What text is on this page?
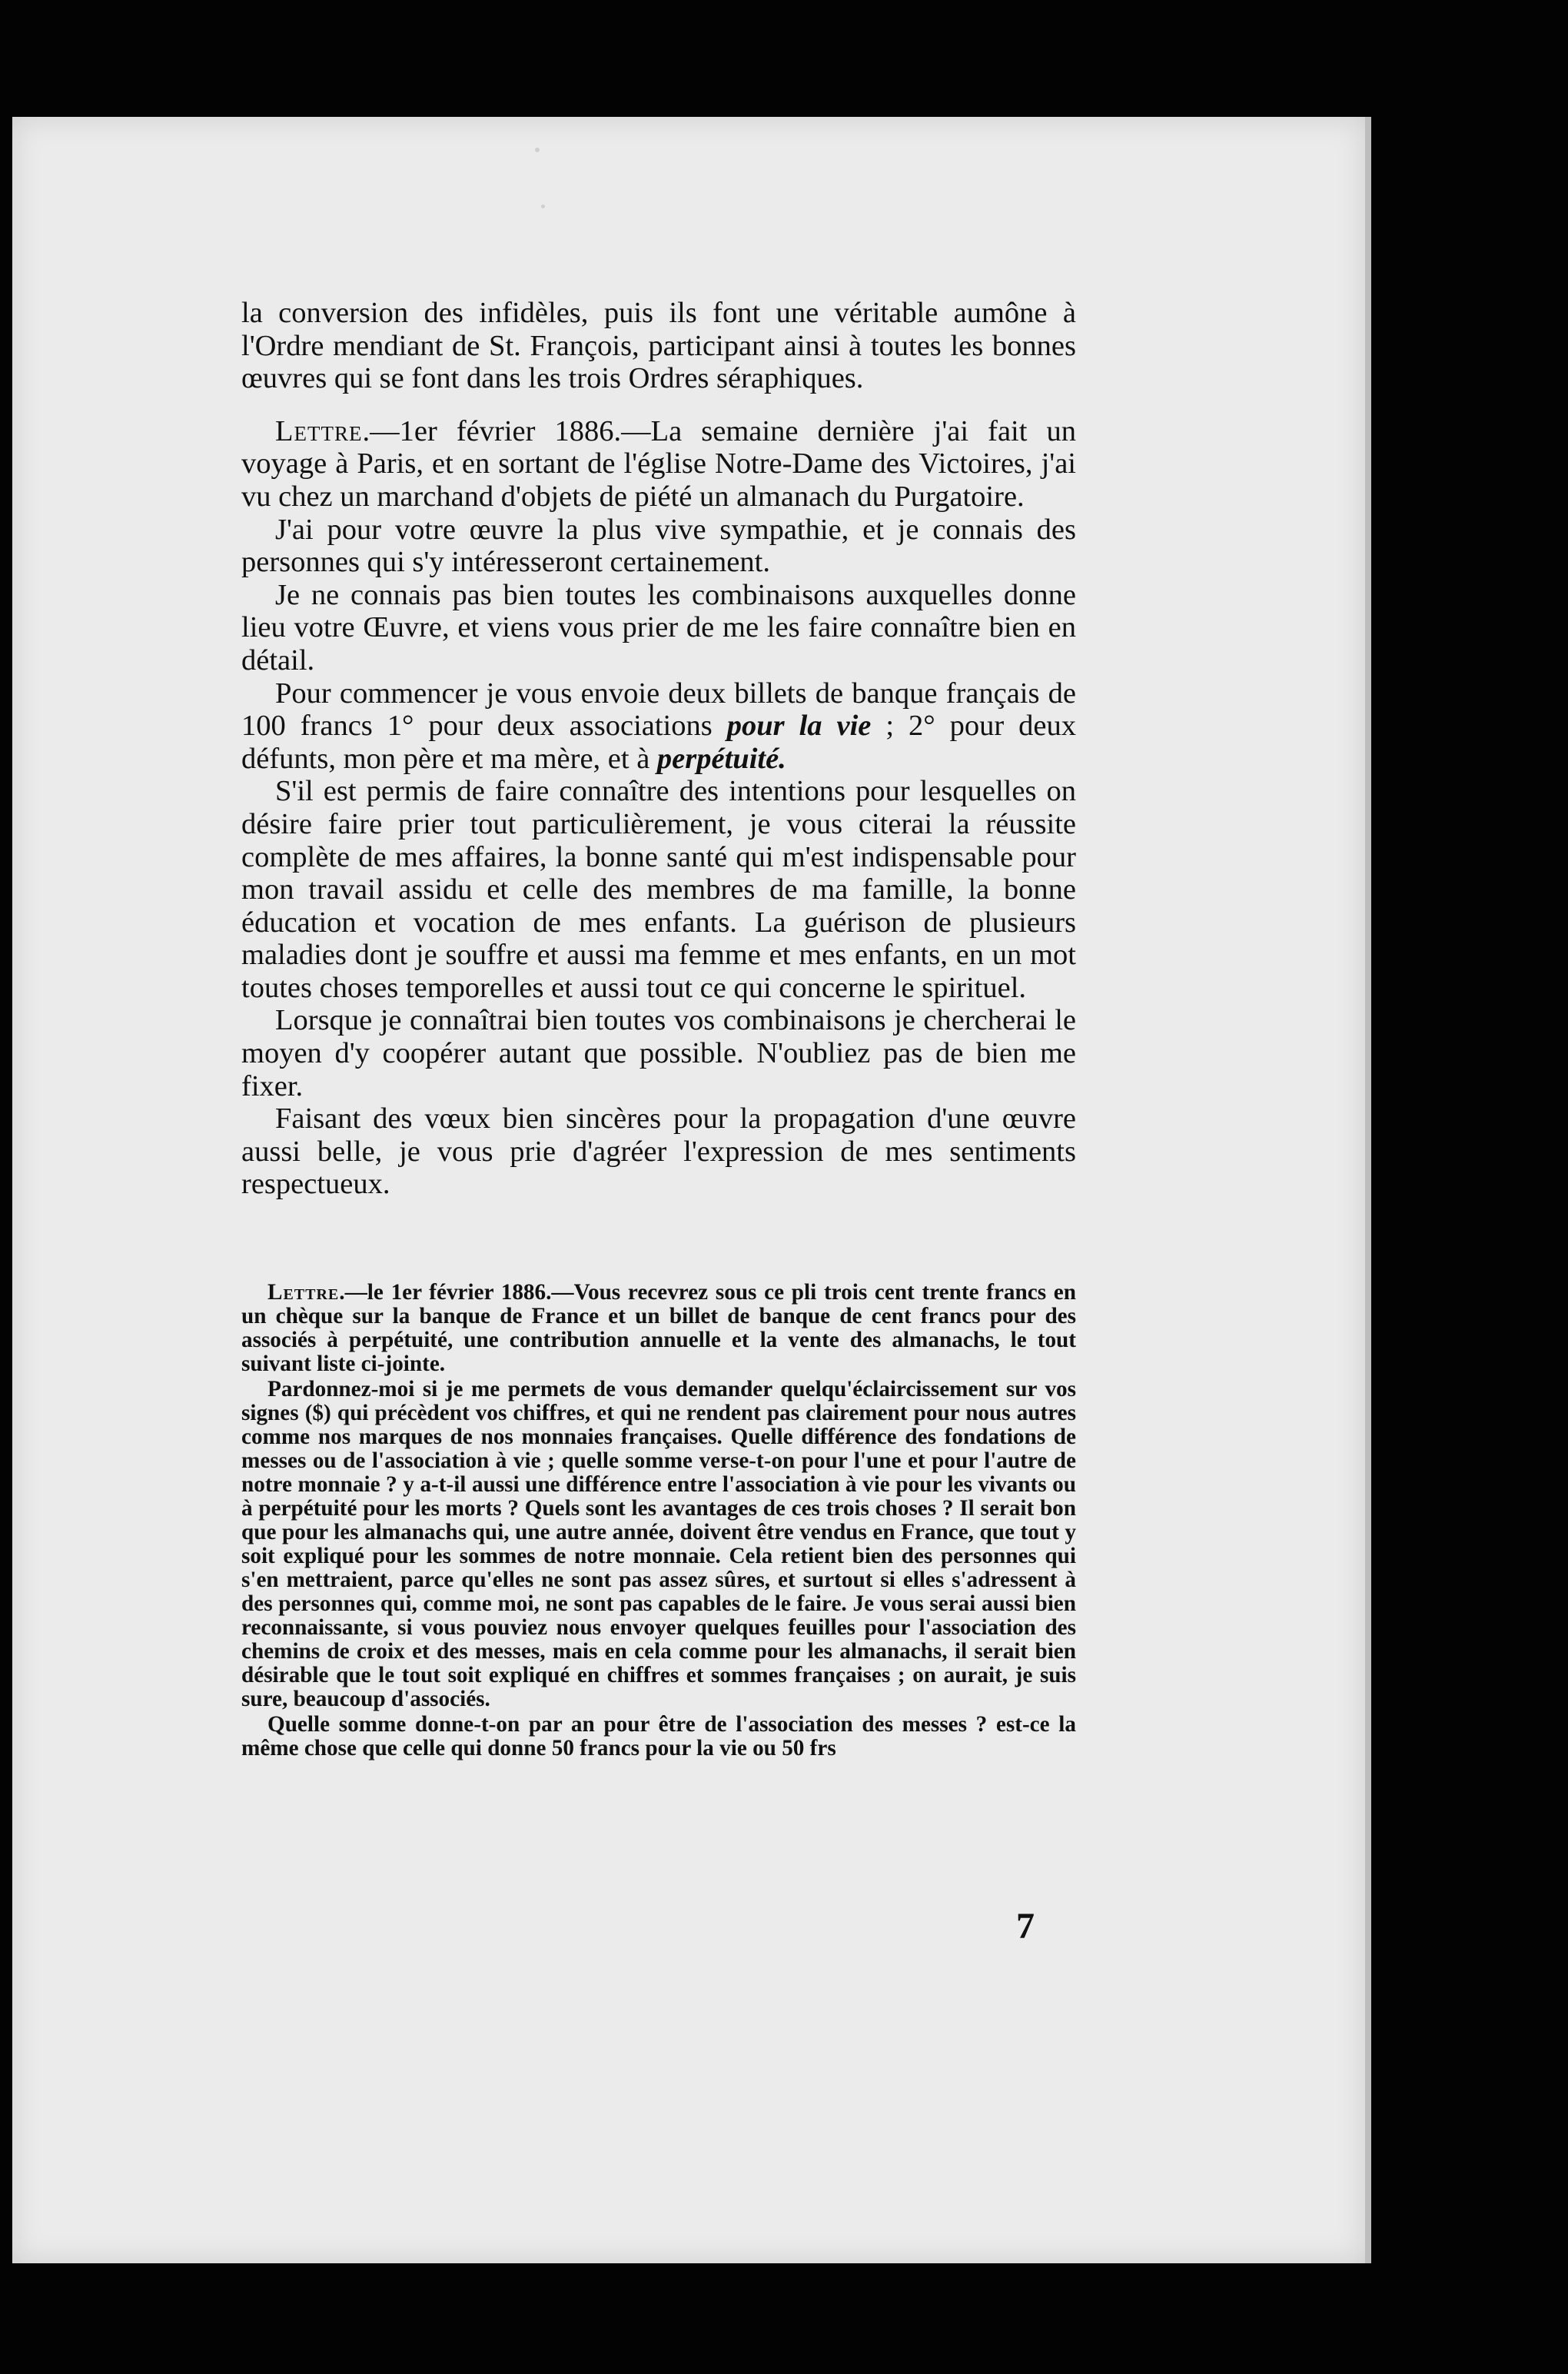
la conversion des infidèles, puis ils font une véritable aumône à l'Ordre mendiant de St. François, participant ainsi à toutes les bonnes œuvres qui se font dans les trois Ordres séraphiques.

Lettre.—1er février 1886.—La semaine dernière j'ai fait un voyage à Paris, et en sortant de l'église Notre-Dame des Victoires, j'ai vu chez un marchand d'objets de piété un almanach du Purgatoire.

J'ai pour votre œuvre la plus vive sympathie, et je connais des personnes qui s'y intéresseront certainement.

Je ne connais pas bien toutes les combinaisons auxquelles donne lieu votre Œuvre, et viens vous prier de me les faire connaître bien en détail.

Pour commencer je vous envoie deux billets de banque français de 100 francs 1° pour deux associations pour la vie ; 2° pour deux défunts, mon père et ma mère, et à perpétuité.

S'il est permis de faire connaître des intentions pour lesquelles on désire faire prier tout particulièrement, je vous citerai la réussite complète de mes affaires, la bonne santé qui m'est indispensable pour mon travail assidu et celle des membres de ma famille, la bonne éducation et vocation de mes enfants. La guérison de plusieurs maladies dont je souffre et aussi ma femme et mes enfants, en un mot toutes choses temporelles et aussi tout ce qui concerne le spirituel.

Lorsque je connaîtrai bien toutes vos combinaisons je chercherai le moyen d'y coopérer autant que possible. N'oubliez pas de bien me fixer.

Faisant des vœux bien sincères pour la propagation d'une œuvre aussi belle, je vous prie d'agréer l'expression de mes sentiments respectueux.

Lettre.—le 1er février 1886.—Vous recevrez sous ce pli trois cent trente francs en un chèque sur la banque de France et un billet de banque de cent francs pour des associés à perpétuité, une contribution annuelle et la vente des almanachs, le tout suivant liste ci-jointe.

Pardonnez-moi si je me permets de vous demander quelqu'éclaircissement sur vos signes ($) qui précèdent vos chiffres, et qui ne rendent pas clairement pour nous autres comme nos marques de nos monnaies françaises. Quelle différence des fondations de messes ou de l'association à vie ; quelle somme verse-t-on pour l'une et pour l'autre de notre monnaie ? y a-t-il aussi une différence entre l'association à vie pour les vivants ou à perpétuité pour les morts ? Quels sont les avantages de ces trois choses ? Il serait bon que pour les almanachs qui, une autre année, doivent être vendus en France, que tout y soit expliqué pour les sommes de notre monnaie. Cela retient bien des personnes qui s'en mettraient, parce qu'elles ne sont pas assez sûres, et surtout si elles s'adressent à des personnes qui, comme moi, ne sont pas capables de le faire. Je vous serai aussi bien reconnaissante, si vous pouviez nous envoyer quelques feuilles pour l'association des chemins de croix et des messes, mais en cela comme pour les almanachs, il serait bien désirable que le tout soit expliqué en chiffres et sommes françaises ; on aurait, je suis sure, beaucoup d'associés.

Quelle somme donne-t-on par an pour être de l'association des messes ? est-ce la même chose que celle qui donne 50 francs pour la vie ou 50 frs

7
